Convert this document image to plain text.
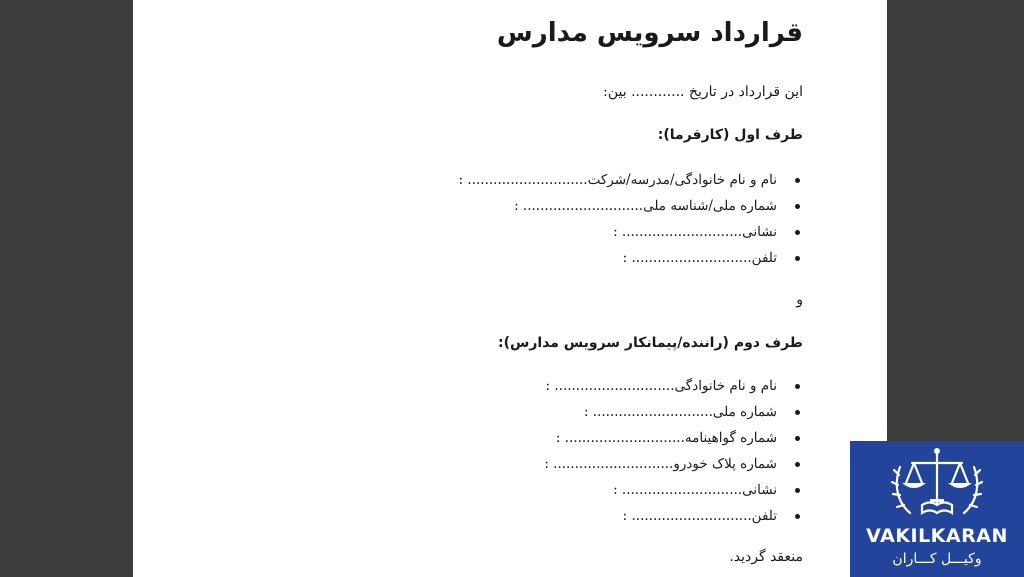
قرارداد سرویس مدارس

این قرارداد در تاریخ ............ بین:

طرف اول (کارفرما):

نام و نام خانوادگی/مدرسه/شرکت............................ :
شماره ملی/شناسه ملی............................ :
نشانی............................ :
تلفن............................ :

و

طرف دوم (راننده/پیمانکار سرویس مدارس):

نام و نام خانوادگی............................ :
شماره ملی............................ :
شماره گواهینامه............................ :
شماره پلاک خودرو............................ :
نشانی............................ :
تلفن............................ :

منعقد گردید.

VAKILKARAN
وکیـــل کـــاران
